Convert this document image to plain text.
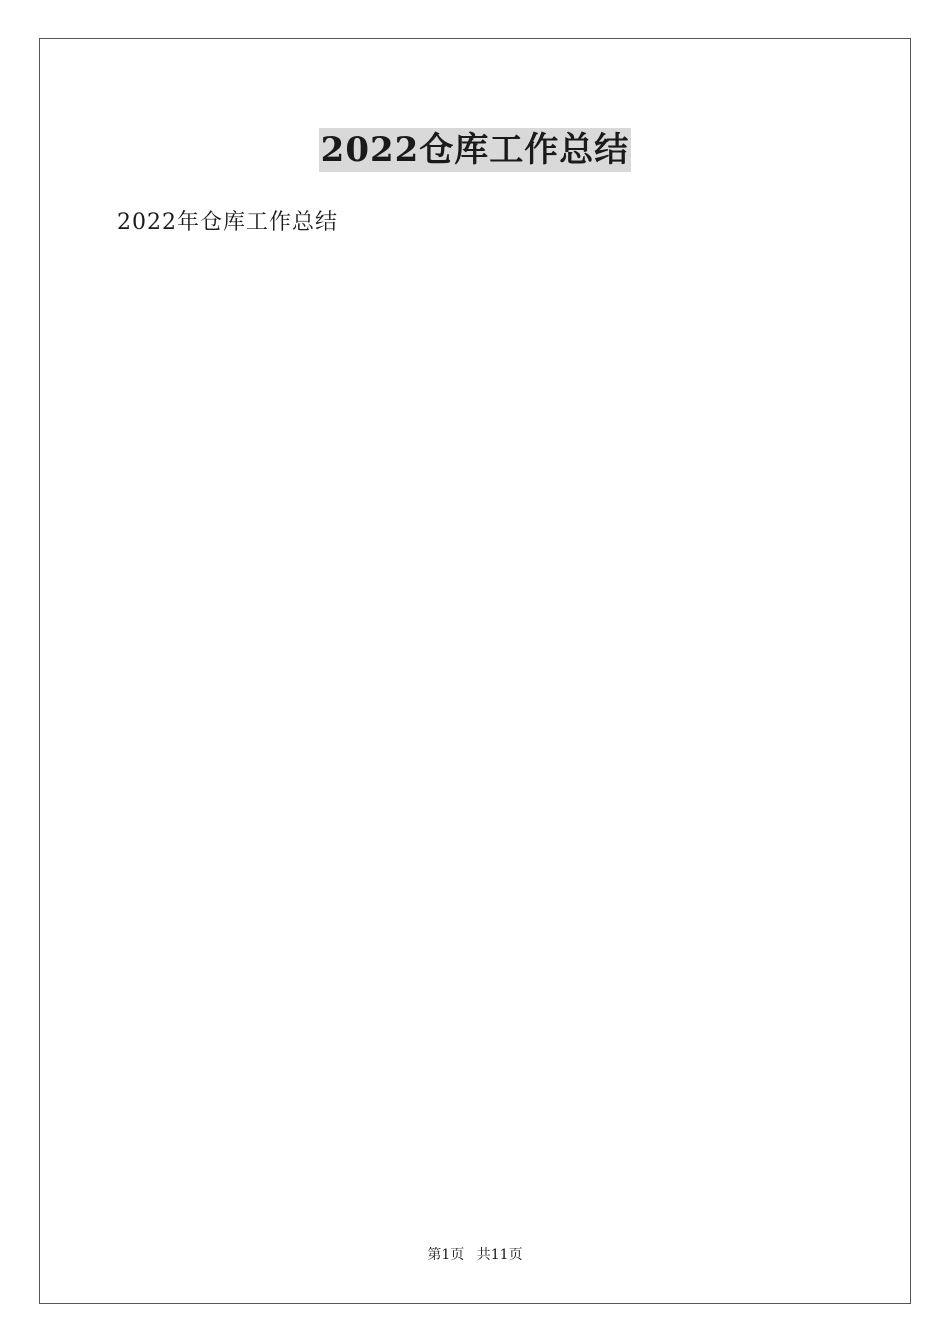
2022仓库工作总结
2022年仓库工作总结
第1页 共11页
